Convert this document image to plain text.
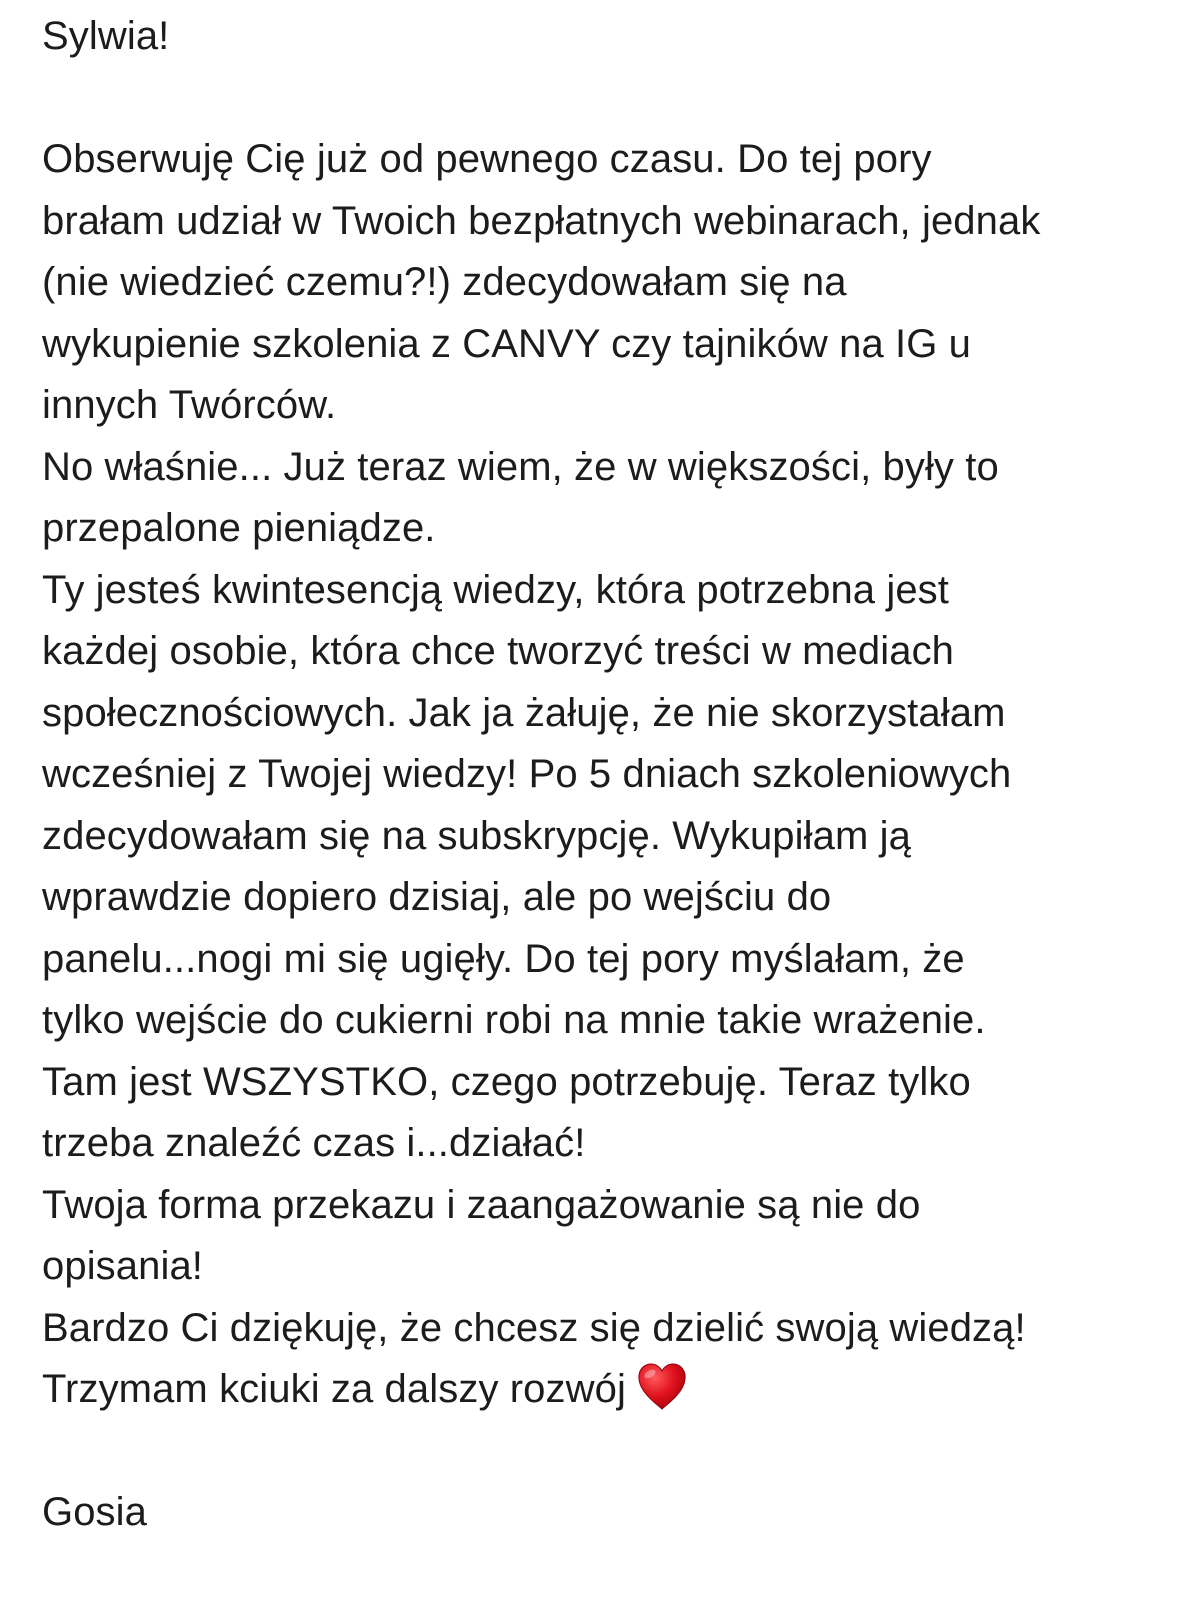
Sylwia!
Obserwuję Cię już od pewnego czasu. Do tej pory
brałam udział w Twoich bezpłatnych webinarach, jednak
(nie wiedzieć czemu?!) zdecydowałam się na
wykupienie szkolenia z CANVY czy tajników na IG u
innych Twórców.
No właśnie... Już teraz wiem, że w większości, były to
przepalone pieniądze.
Ty jesteś kwintesencją wiedzy, która potrzebna jest
każdej osobie, która chce tworzyć treści w mediach
społecznościowych. Jak ja żałuję, że nie skorzystałam
wcześniej z Twojej wiedzy! Po 5 dniach szkoleniowych
zdecydowałam się na subskrypcję. Wykupiłam ją
wprawdzie dopiero dzisiaj, ale po wejściu do
panelu...nogi mi się ugięły. Do tej pory myślałam, że
tylko wejście do cukierni robi na mnie takie wrażenie.
Tam jest WSZYSTKO, czego potrzebuję. Teraz tylko
trzeba znaleźć czas i...działać!
Twoja forma przekazu i zaangażowanie są nie do
opisania!
Bardzo Ci dziękuję, że chcesz się dzielić swoją wiedzą!
Trzymam kciuki za dalszy rozwój
Gosia
